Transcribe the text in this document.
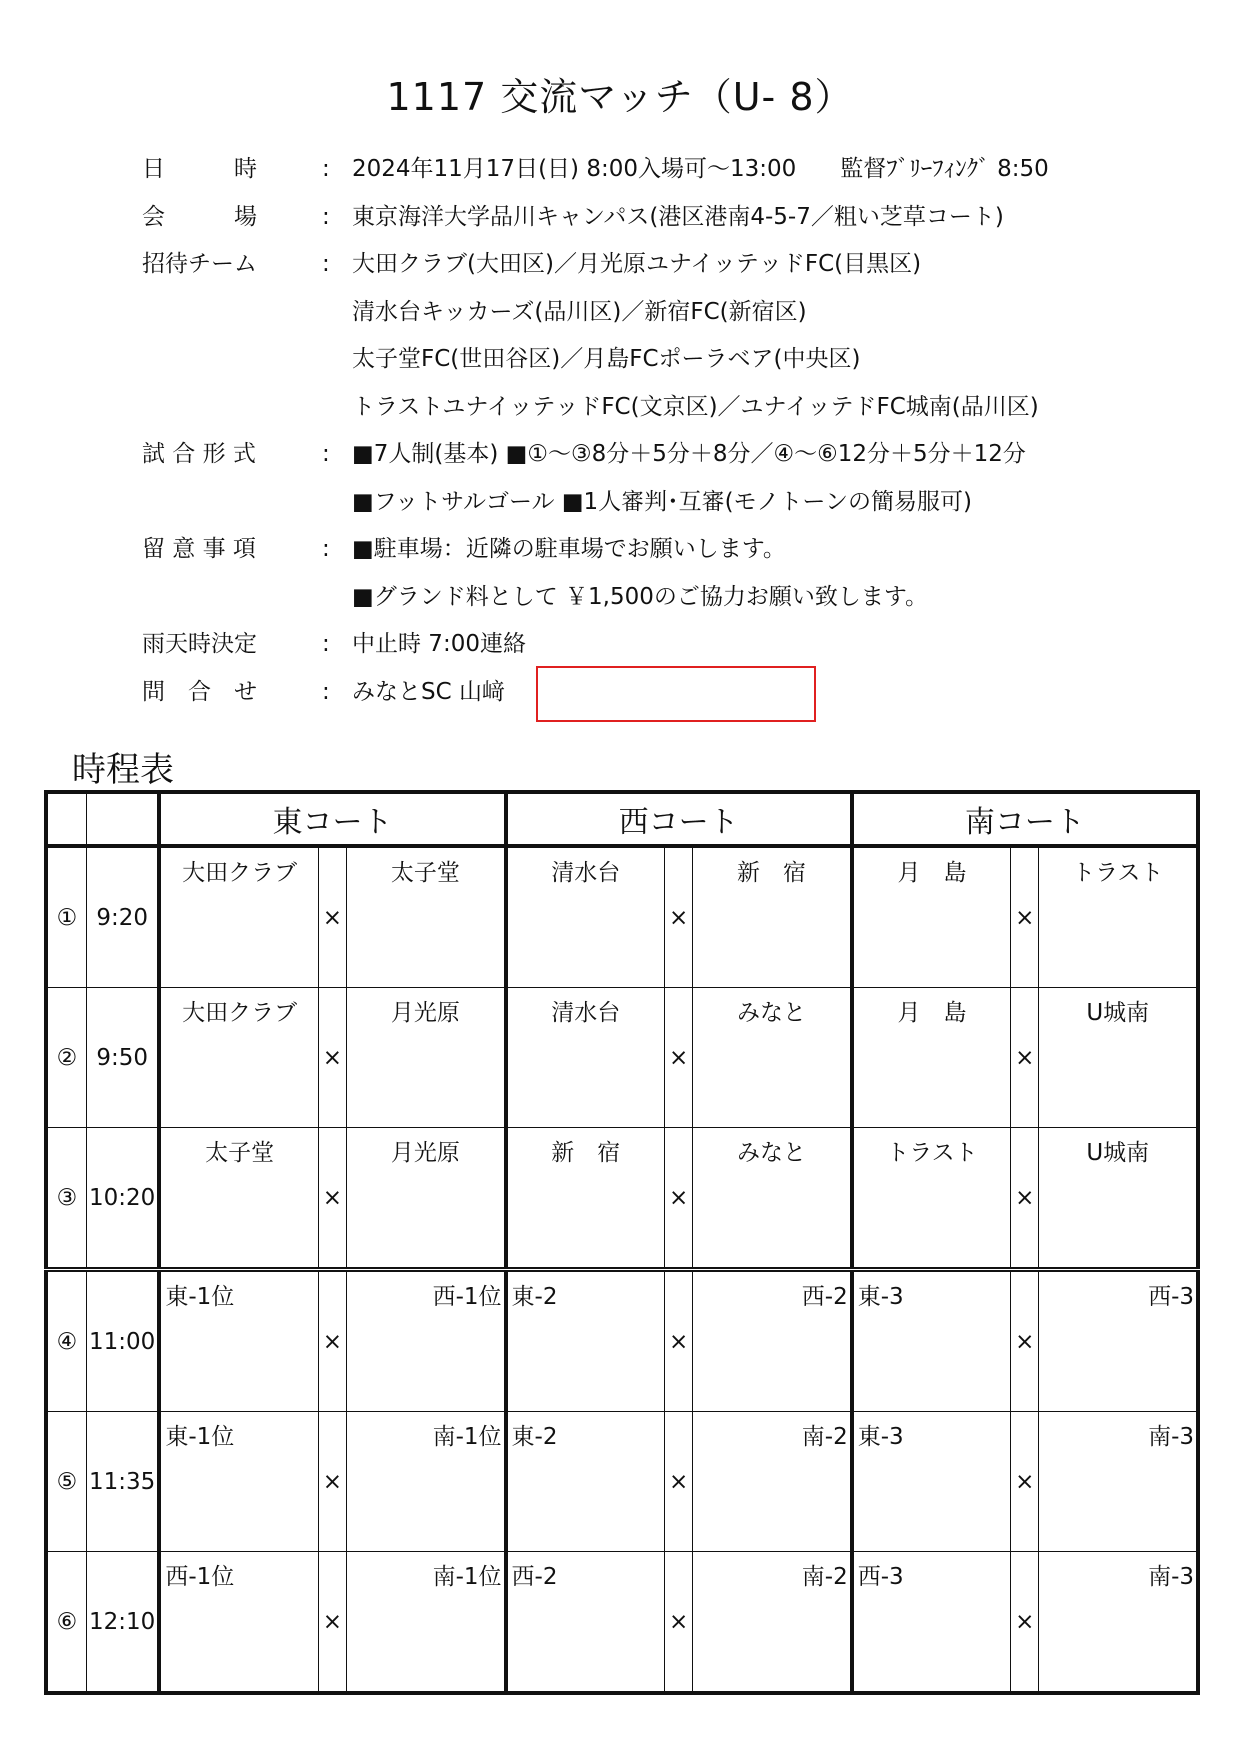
1117 交流マッチ（U- 8）
日　　　時	: 2024年11月17日(日) 8:00入場可～13:00 監督ﾌﾞﾘｰﾌｨﾝｸﾞ 8:50
会　　　場	: 東京海洋大学品川キャンパス(港区港南4-5-7／粗い芝草コート)
招待チーム	: 大田クラブ(大田区)／月光原ユナイッテッドFC(目黒区)
清水台キッカーズ(品川区)／新宿FC(新宿区)
太子堂FC(世田谷区)／月島FCポーラベア(中央区)
トラストユナイッテッドFC(文京区)／ユナイッテドFC城南(品川区)
試 合 形 式	: ■7人制(基本) ■①～③8分＋5分＋8分／④～⑥12分＋5分＋12分
■フットサルゴール ■1人審判･互審(モノトーンの簡易服可)
留 意 事 項	: ■駐車場：近隣の駐車場でお願いします。
■グランド料として ￥1,500のご協力お願い致します。
雨天時決定	: 中止時 7:00連絡
問　合　せ	: みなとSC 山﨑
時程表
		東コート			西コート			南コート		
①	9:20	大田クラブ	×	太子堂	清水台	×	新　宿	月　島	×	トラスト

②	9:50	大田クラブ	×	月光原	清水台	×	みなと	月　島	×	U城南

③	10:20	太子堂	×	月光原	新　宿	×	みなと	トラスト	×	U城南

④	11:00	東-1位	×	西-1位	東-2	×	西-2	東-3	×	西-3

⑤	11:35	東-1位	×	南-1位	東-2	×	南-2	東-3	×	南-3

⑥	12:10	西-1位	×	南-1位	西-2	×	南-2	西-3	×	南-3
